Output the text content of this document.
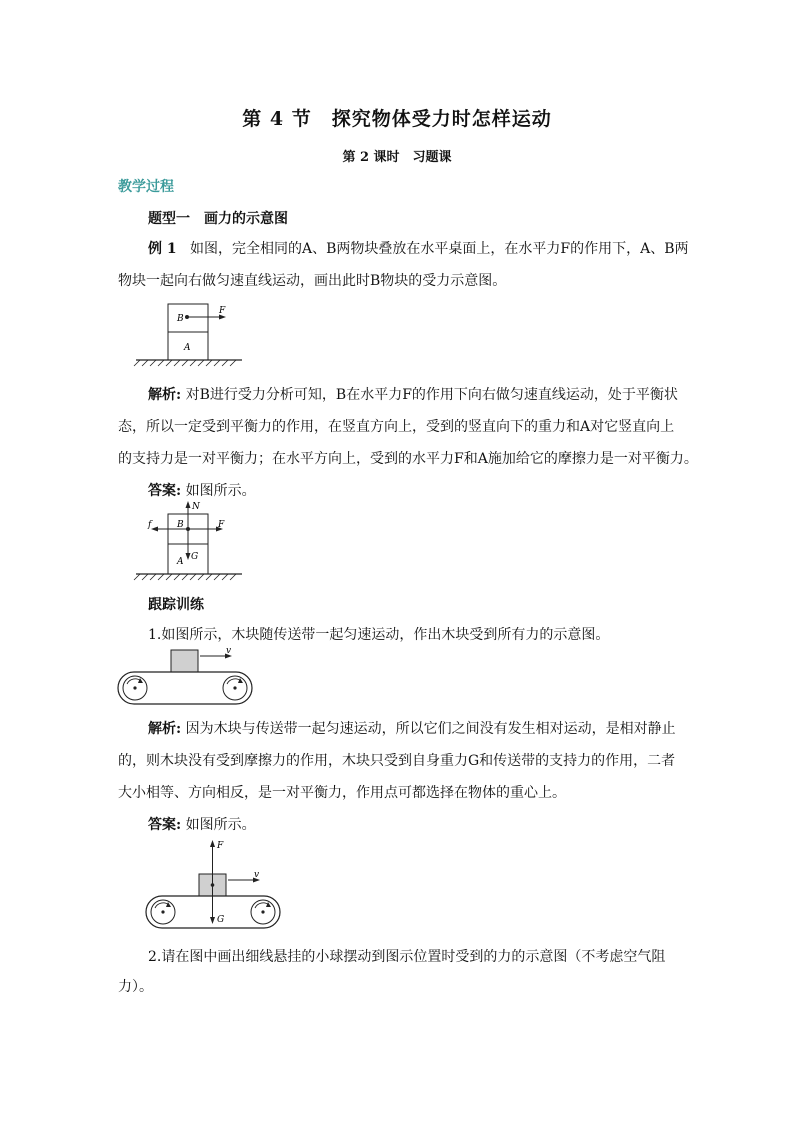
第 4 节　探究物体受力时怎样运动
第 2 课时　习题课
教学过程
题型一　画力的示意图
例 1 如图，完全相同的A、B两物块叠放在水平桌面上，在水平力F的作用下，A、B两
物块一起向右做匀速直线运动，画出此时B物块的受力示意图。
B
F
A
解析: 对B进行受力分析可知，B在水平力F的作用下向右做匀速直线运动，处于平衡状
态，所以一定受到平衡力的作用，在竖直方向上，受到的竖直向下的重力和A对它竖直向上
的支持力是一对平衡力；在水平方向上，受到的水平力F和A施加给它的摩擦力是一对平衡力。
答案: 如图所示。
N
f	B	F
G
A
跟踪训练
1.如图所示，木块随传送带一起匀速运动，作出木块受到所有力的示意图。
v
解析: 因为木块与传送带一起匀速运动，所以它们之间没有发生相对运动，是相对静止
的，则木块没有受到摩擦力的作用，木块只受到自身重力G和传送带的支持力的作用，二者
大小相等、方向相反，是一对平衡力，作用点可都选择在物体的重心上。
答案: 如图所示。
F
G
v
2.请在图中画出细线悬挂的小球摆动到图示位置时受到的力的示意图（不考虑空气阻
力）。
